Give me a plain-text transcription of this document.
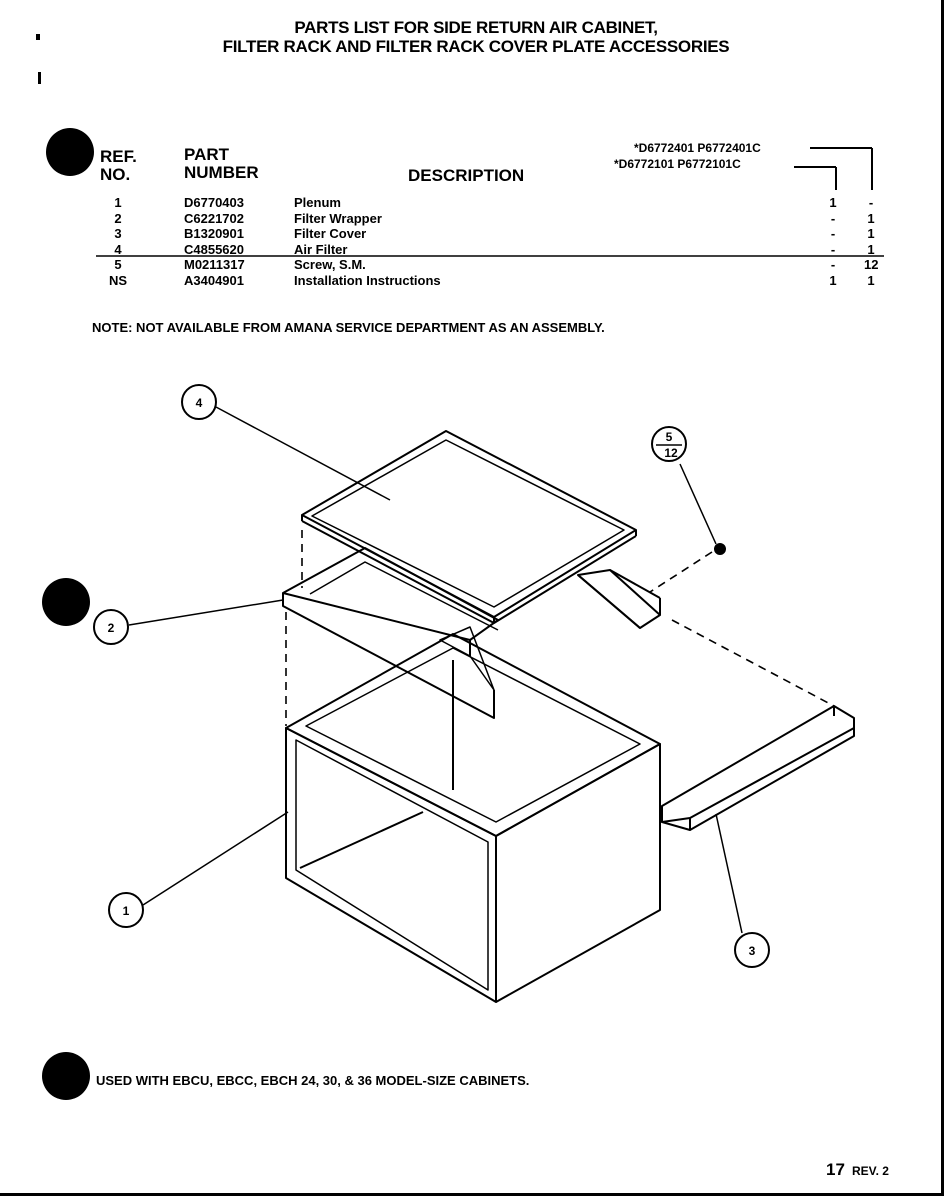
PARTS LIST FOR SIDE RETURN AIR CABINET,
FILTER RACK AND FILTER RACK COVER PLATE ACCESSORIES
REF.
NO.
PART
NUMBER	DESCRIPTION
*D6772401 P6772401C
*D6772101 P6772101C
1	D6770403	Plenum	1	-
2	C6221702	Filter Wrapper	-	1
3	B1320901	Filter Cover	-	1
4	C4855620	Air Filter	-	1
5	M0211317	Screw, S.M.	-	12
NS	A3404901	Installation Instructions	1 1
NOTE: NOT AVAILABLE FROM AMANA SERVICE DEPARTMENT AS AN ASSEMBLY.
4
2
1
3
5
12
USED WITH EBCU, EBCC, EBCH 24, 30, & 36 MODEL-SIZE CABINETS.
17 REV. 2
